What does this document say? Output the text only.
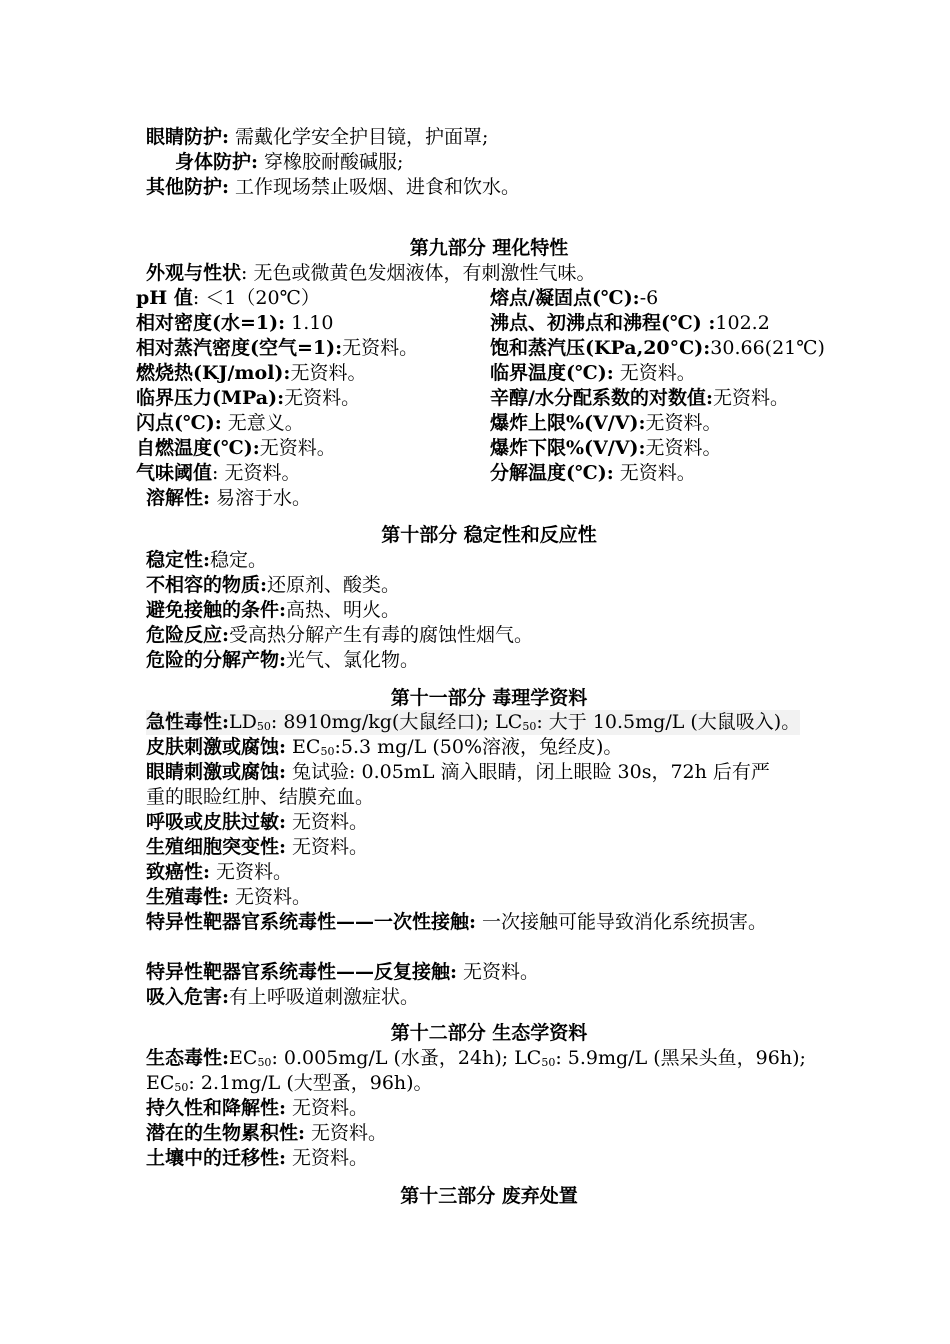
眼睛防护: 需戴化学安全护目镜，护面罩;
身体防护: 穿橡胶耐酸碱服;
其他防护: 工作现场禁止吸烟、进食和饮水。
第九部分 理化特性
外观与性状: 无色或微黄色发烟液体，有刺激性气味。
pH 值: ＜1（20℃）	熔点/凝固点(℃):-6
相对密度(水=1): 1.10	沸点、初沸点和沸程(℃) :102.2
相对蒸汽密度(空气=1):无资料。	饱和蒸汽压(KPa,20°C):30.66(21℃)
燃烧热(KJ/mol):无资料。	临界温度(℃): 无资料。
临界压力(MPa):无资料。	辛醇/水分配系数的对数值:无资料。
闪点(℃): 无意义。	爆炸上限%(V/V):无资料。
自燃温度(℃):无资料。	爆炸下限%(V/V):无资料。
气味阈值: 无资料。	分解温度(℃): 无资料。
溶解性: 易溶于水。
第十部分 稳定性和反应性
稳定性:稳定。
不相容的物质:还原剂、酸类。
避免接触的条件:高热、明火。
危险反应:受高热分解产生有毒的腐蚀性烟气。
危险的分解产物:光气、氯化物。
第十一部分 毒理学资料
急性毒性$:LD_{50}$: 8910mg/kg(大鼠经口); $LC_{50}$: 大于 10.5mg/L (大鼠吸入)。
皮肤刺激或腐蚀: $EC_{50}:5.3$ mg/L (50%溶液，兔经皮)。
眼睛刺激或腐蚀: 兔试验: 0.05mL 滴入眼睛，闭上眼睑 30s，72h 后有严
重的眼睑红肿、结膜充血。
呼吸或皮肤过敏: 无资料。
生殖细胞突变性: 无资料。
致癌性: 无资料。
生殖毒性: 无资料。
特异性靶器官系统毒性——一次性接触: 一次接触可能导致消化系统损害。
特异性靶器官系统毒性——反复接触: 无资料。
吸入危害:有上呼吸道刺激症状。
第十二部分 生态学资料
生态毒性$:EC_{50}$: 0.005mg/L (水蚤，24h); $LC_{50}$: 5.9mg/L (黑呆头鱼，96h);
$EC_{50}$: 2.1mg/L (大型蚤，96h)。
持久性和降解性: 无资料。
潜在的生物累积性: 无资料。
土壤中的迁移性: 无资料。
第十三部分 废弃处置
